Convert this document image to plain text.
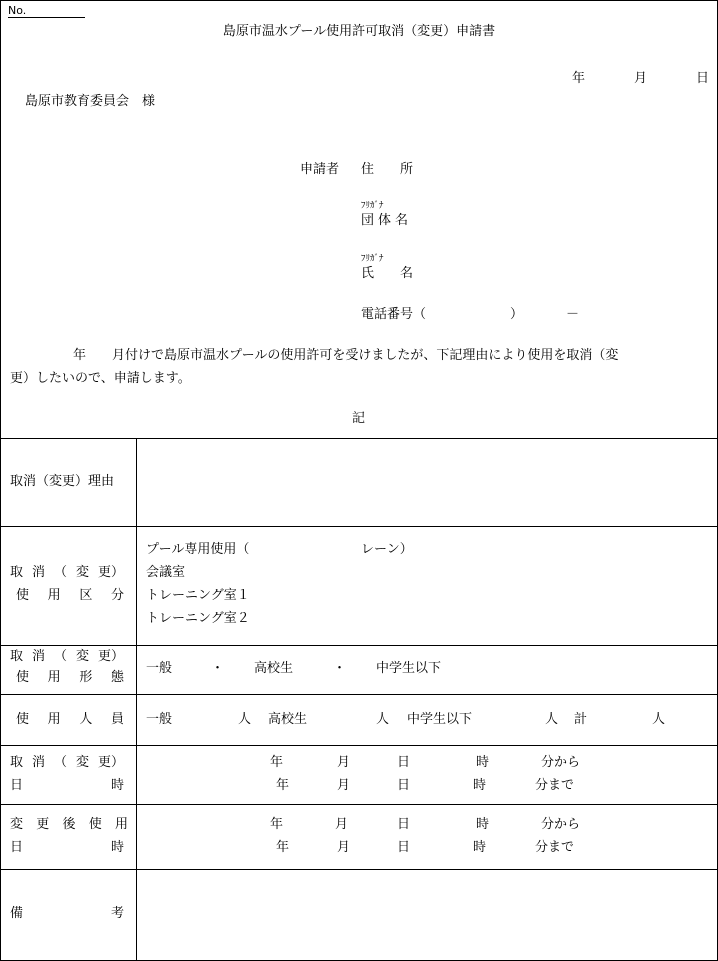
No.
島原市温水プール使用許可取消（変更）申請書
年	月	日
島原市教育委員会　様
申請者 住　　所
ﾌﾘｶﾞﾅ
団体名
ﾌﾘｶﾞﾅ
氏　　名
電話番号（	）	－
年　　月付けで島原市温水プールの使用許可を受けましたが、下記理由により使用を取消（変
更）したいので、申請します。
記
取消（変更）理由
取 消 （ 変 更）
使 用 区 分
プール専用使用（	レーン）
会議室
トレーニング室１
トレーニング室２
取 消 （ 変 更）
使 用 形 態
一般	・ 高校生	・ 中学生以下
使 用 人 員 一般	人 高校生	人 中学生以下	人 計	人
取 消 （ 変 更）
日	時
年	月	日	時	分から
年	月	日	時	分まで
変 更 後 使 用
日	時
年	月	日	時	分から
年	月	日	時	分まで
備	考
